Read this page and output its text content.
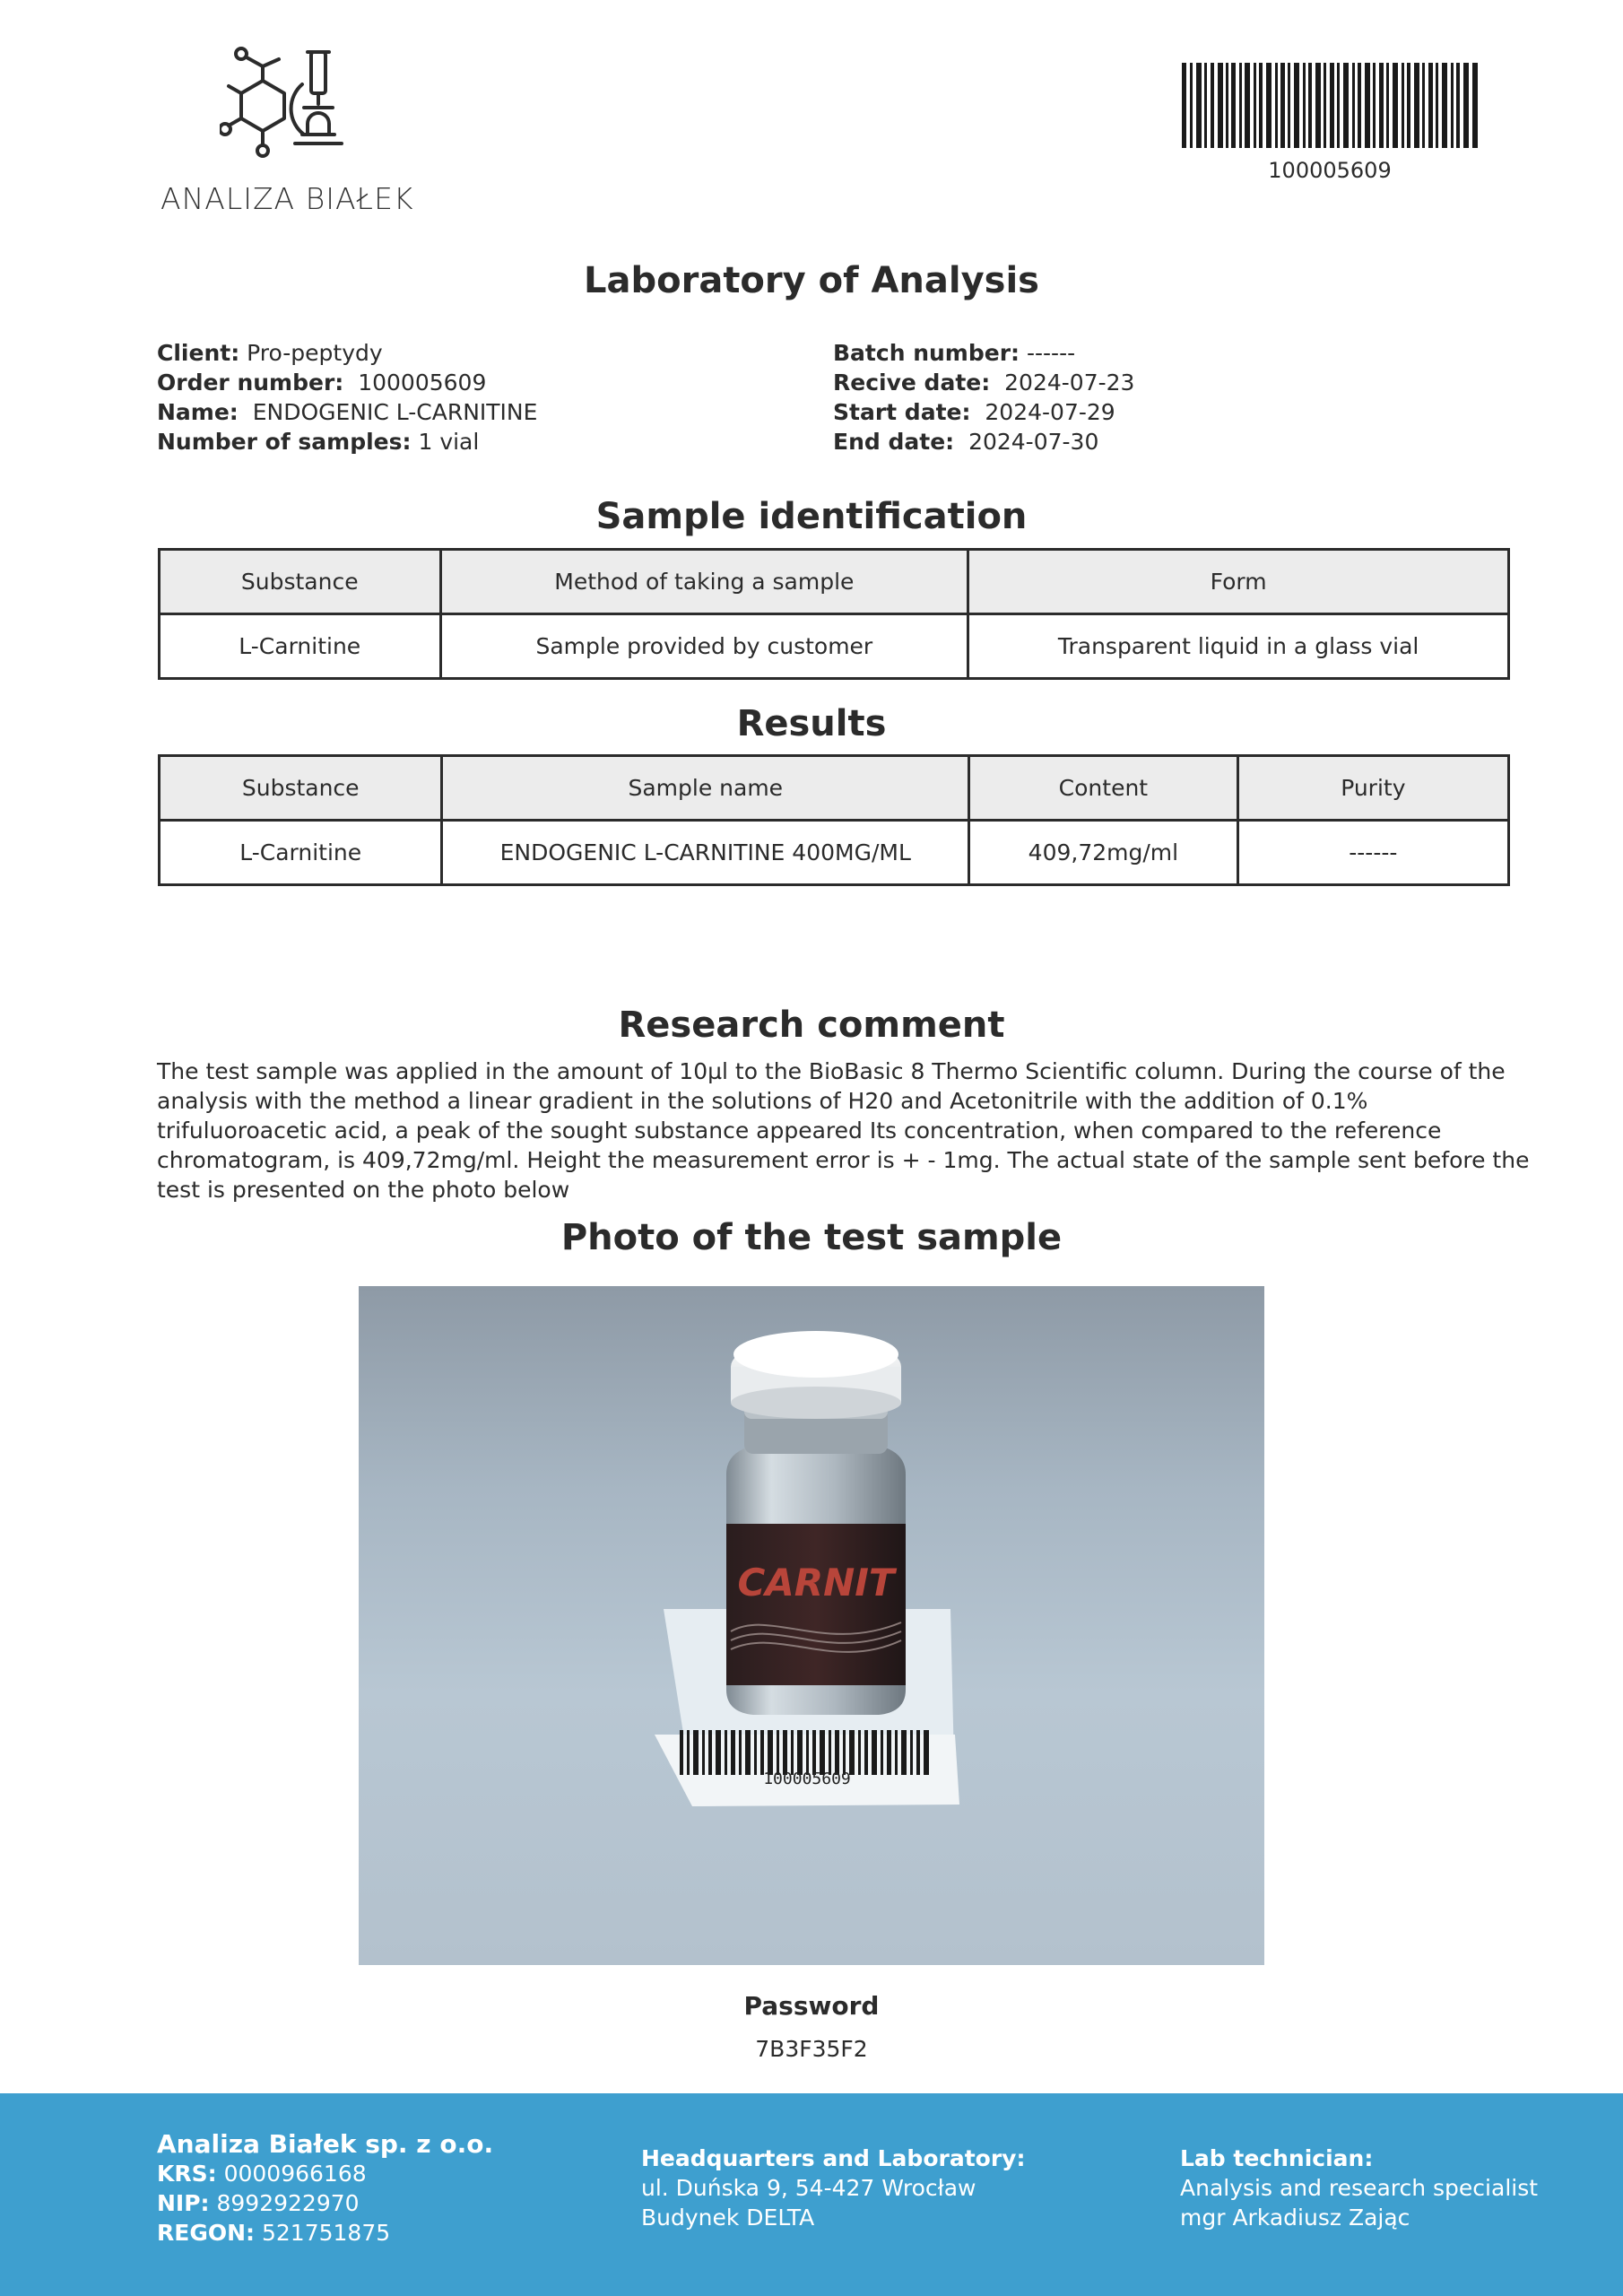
ANALIZA BIAŁEK
100005609
Laboratory of Analysis
Client: Pro-peptydy
Order number: 100005609
Name: ENDOGENIC L-CARNITINE
Number of samples: 1 vial
Batch number: ------
Recive date: 2024-07-23
Start date: 2024-07-29
End date: 2024-07-30
Sample identification
Substance	Method of taking a sample	Form
L-Carnitine	Sample provided by customer	Transparent liquid in a glass vial
Results
Substance	Sample name	Content	Purity
L-Carnitine	ENDOGENIC L-CARNITINE 400MG/ML	409,72mg/ml	------
Research comment

The test sample was applied in the amount of 10µl to the BioBasic 8 Thermo Scientific column. During the course of the analysis with the method a linear gradient in the solutions of H20 and Acetonitrile with the addition of 0.1% trifuluoroacetic acid, a peak of the sought substance appeared Its concentration, when compared to the reference chromatogram, is 409,72mg/ml. Height the measurement error is + - 1mg. The actual state of the sample sent before the test is presented on the photo below

Photo of the test sample
CARNIT
100005609
Password
7B3F35F2
Analiza Białek sp. z o.o.
KRS: 0000966168
NIP: 8992922970
REGON: 521751875
Headquarters and Laboratory:
ul. Duńska 9, 54-427 Wrocław
Budynek DELTA
Lab technician:
Analysis and research specialist
mgr Arkadiusz Zając
